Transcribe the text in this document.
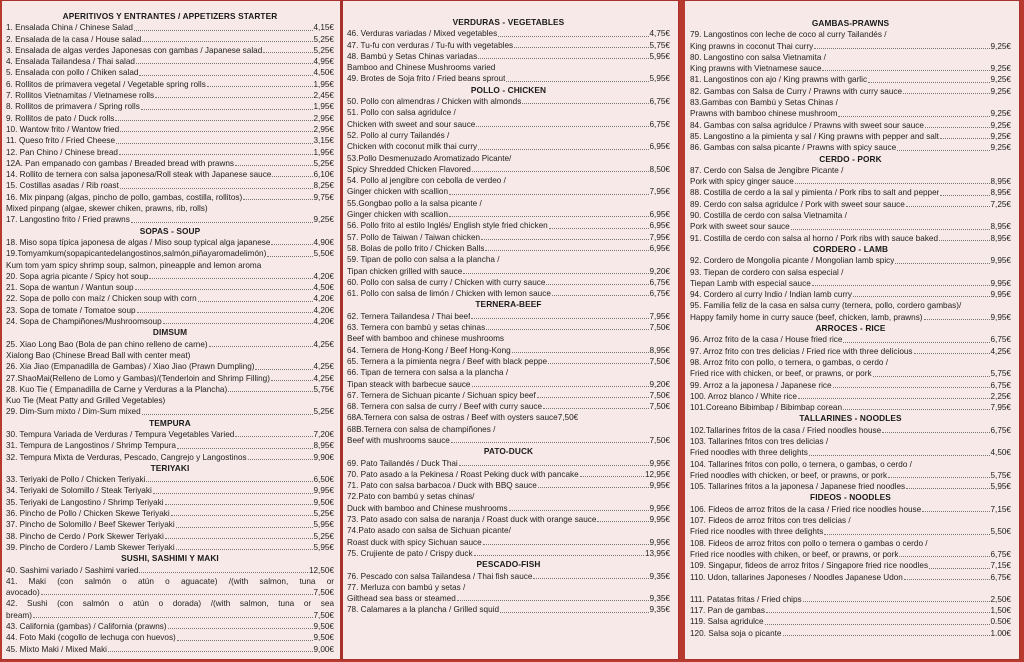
APERITIVOS Y ENTRANTES / APPETIZERS STARTER
1. Ensalada China / Chinese Salad	4,15€
2. Ensalada de la casa / House salad	5,25€
3. Ensalada de algas verdes Japonesas con gambas / Japanese salad	5,25€
4. Ensalada Tailandesa / Thai salad	4,95€
5. Ensalada con pollo / Chiken salad	4,50€
6. Rollitos de primavera vegetal / Vegetable spring rolls	1,95€
7. Rollitos Vietnamitas / Vietnamese rolls	2,45€
8. Rollitos de primavera / Spring rolls	1,95€
9. Rollitos de pato / Duck rolls	2,95€
10. Wantow frito / Wantow fried	2,95€
11. Queso frito / Fried Cheese	3,15€
12. Pan Chino / Chinese bread	1,95€
12A. Pan empanado con gambas / Breaded bread with prawns	5,25€
14. Rollito de ternera con salsa japonesa/Roll steak with Japanese sauce	6,10€
15. Costillas asadas / Rib roast	8,25€
16. Mix pinpang (algas, pincho de pollo, gambas, costilla, rollitos)	9,75€
Mixed pinpang (algae, skewer chiken, prawns, rib, rolls)
17. Langostino frito / Fried prawns	9,25€
SOPAS - SOUP
18. Miso sopa típica japonesa de algas / Miso soup typical alga japanese	4,90€
19.Tomyamkum(sopapicantedelangostinos,salmón,piñayaromadelimón)	5,50€
Kum tom yam spicy shrimp soup, salmon, pineapple and lemon aroma
20. Sopa agria picante / Spicy hot soup	4,20€
21. Sopa de wantun / Wantun soup	4,50€
22. Sopa de pollo con maíz / Chicken soup with corn	4,20€
23. Sopa de tomate / Tomatoe soup	4,20€
24. Sopa de Champiñones/Mushroomsoup	4,20€
DIMSUM
25. Xiao Long Bao (Bola de pan chino relleno de carne)	4,25€
Xialong Bao (Chinese Bread Ball with center meat)
26. Xia Jiao (Empanadilla de Gambas) / Xiao Jiao (Prawn Dumpling)	4,25€
27.ShaoMai(Relleno de Lomo y Gambas)/(Tenderloin and Shrimp Filling)	4,25€
28. Kuo Tie ( Empanadilla de Carne y Verduras a la Plancha)	5,75€
Kuo Tie (Meat Patty and Grilled Vegetables)
29. Dim-Sum mixto / Dim-Sum mixed	5,25€
TEMPURA
30. Tempura Variada de Verduras / Tempura Vegetables Varied	7,20€
31. Tempura de Langostinos / Shrimp Tempura	8,95€
32. Tempura Mixta de Verduras, Pescado, Cangrejo y Langostinos	9,90€
TERIYAKI
33. Teriyaki de Pollo / Chicken Teriyaki	6,50€
34. Teriyaki de Solomillo / Steak Teriyaki	9,95€
35. Teriyaki de Langostino / Shrimp Teriyaki	9,50€
36. Pincho de Pollo / Chicken Skewe Teriyaki	5,25€
37. Pincho de Solomillo / Beef Skewer Teriyaki	5,95€
38. Pincho de Cerdo / Pork Skewer Teriyaki	5,25€
39. Pincho de Cordero / Lamb Skewer Teriyaki	5,95€
SUSHI, SASHIMI Y MAKI
40. Sashimi variado / Sashimi varied	12,50€
41. Maki (con salmón o atún o aguacate) /(with salmon, tuna or
avocado)	7,50€
42. Sushi (con salmón o atún o dorada) /(with salmon, tuna or sea
bream)	7,50€
43. California (gambas) / California (prawns)	9,50€
44. Foto Maki (cogollo de lechuga con huevos)	9,50€
45. Mixto Maki / Mixed Maki	9,00€
VERDURAS - VEGETABLES
46. Verduras variadas / Mixed vegetables	4,75€
47. Tu-fu con verduras / Tu-fu with vegetables	5,75€
48. Bambú y Setas Chinas variadas	5,95€
Bamboo and Chinese Mushrooms varied
49. Brotes de Soja frito / Fried beans sprout	5,95€
POLLO - CHICKEN
50. Pollo con almendras / Chicken with almonds	6,75€
51. Pollo con salsa agridulce /
Chicken with sweet and sour sauce	6,75€
52. Pollo al curry Tailandés /
Chicken with coconut milk thai curry	6,95€
53.Pollo Desmenuzado Aromatizado Picante/
Spicy Shredded Chicken Flavored	8,50€
54. Pollo al jengibre con cebolla de verdeo /
Ginger chicken with scallion	7,95€
55.Gongbao pollo a la salsa picante /
Ginger chicken with scallion	6,95€
56. Pollo frito al estilo Inglés/ English style fried chicken	6,95€
57. Pollo de Taiwan / Taiwan chicken	7,95€
58. Bolas de pollo frito / Chicken Balls	6,95€
59. Tipan de pollo con salsa a la plancha /
Tipan chicken grilled with sauce	9,20€
60. Pollo con salsa de curry / Chicken with curry sauce	6,75€
61. Pollo con salsa de limón / Chicken with lemon sauce	6,75€
TERNERA-BEEF
62. Ternera Tailandesa / Thai beef	7,95€
63. Ternera con bambú y setas chinas	7,50€
Beef with bamboo and chinese mushrooms
64. Ternera de Hong-Kong / Beef Hong-Kong	8,95€
65. Ternera a la pimienta negra / Beef with black peppe	7,50€
66. Tipan de ternera con salsa a la plancha /
Tipan steack with barbecue sauce	9,20€
67. Ternera de Sichuan picante / Sichuan spicy beef	7,50€
68. Ternera con salsa de curry / Beef with curry sauce	7,50€
68A.Ternera con salsa de ostras / Beef with oysters sauce7,50€
68B.Ternera con salsa de champiñones /
Beef with mushrooms sauce	7,50€
PATO-DUCK
69. Pato Tailandés / Duck Thai	9,95€
70. Pato asado a la Pekinesa / Roast Peking duck with pancake	12,95€
71. Pato con salsa barbacoa / Duck with BBQ sauce	9,95€
72.Pato con bambú y setas chinas/
Duck with bamboo and Chinese mushrooms	9,95€
73. Pato asado con salsa de naranja / Roast duck with orange sauce	9,95€
74.Pato asado con salsa de Sichuan picante/
Roast duck with spicy Sichuan sauce	9,95€
75. Crujiente de pato / Crispy duck	13,95€
PESCADO-FISH
76. Pescado con salsa Tailandesa / Thai fish sauce	9,35€
77. Merluza con bambú y setas /
Gilthead sea bass or steamed	9,35€
78. Calamares a la plancha / Grilled squid	9,35€
GAMBAS-PRAWNS
79. Langostinos con leche de coco al curry Tailandés /
King prawns in coconut Thai curry	9,25€
80. Langostino con salsa Vietnamita /
King prawns with Vietnamese sauce	9,25€
81. Langostinos con ajo / King prawns with garlic	9,25€
82. Gambas con Salsa de Curry / Prawns with curry sauce	9,25€
83.Gambas con Bambú y Setas Chinas /
Prawns with bamboo chinese mushroom	9,25€
84. Gambas con salsa agridulce / Prawns with sweet sour sauce	9,25€
85. Langostino a la pimienta y sal / King prawns with pepper and salt	9,25€
86. Gambas con salsa picante / Prawns with spicy sauce	9,25€
CERDO - PORK
87. Cerdo con Salsa de Jengibre Picante /
Pork with spicy ginger sauce	8,95€
88. Costilla de cerdo a la sal y pimienta / Pork ribs to salt and pepper	8,95€
89. Cerdo con salsa agridulce / Pork with sweet sour sauce	7,25€
90. Costilla de cerdo con salsa Vietnamita /
Pork with sweet sour sauce	8,95€
91. Costilla de cerdo con salsa al horno / Pork ribs with sauce baked	8,95€
CORDERO - LAMB
92. Cordero de Mongolia picante / Mongolian lamb spicy	9,95€
93. Tiepan de cordero con salsa especial /
Tiepan Lamb with especial sauce	9,95€
94. Cordero al curry Indio / Indian lamb curry	9,95€
95. Familia feliz de la casa en salsa curry (ternera, pollo, cordero gambas)/
Happy family home in curry sauce (beef, chicken, lamb, prawns)	9,95€
ARROCES - RICE
96. Arroz frito de la casa / House fried rice	6,75€
97. Arroz frito con tres delicias / Fried rice with three delicious	4,25€
98. Arroz frito con pollo, o ternera, o gambas, o cerdo /
Fried rice with chicken, or beef, or prawns, or pork	5,75€
99. Arroz a la japonesa / Japanese rice	6,75€
100. Arroz blanco / White rice	2,25€
101.Coreano Bibimbap / Bibimbap corean	7,95€
TALLARINES - NOODLES
102.Tallarines fritos de la casa / Fried noodles house	6,75€
103. Tallarines fritos con tres delicias /
Fried noodles with three delights	4,50€
104. Tallarines fritos con pollo, o ternera, o gambas, o cerdo /
Fried noodles with chicken, or beef, or prawns, or pork	5,75€
105. Tallarines fritos a la japonesa / Japanese fried noodles	5,95€
FIDEOS - NOODLES
106. Fideos de arroz fritos de la casa / Fried rice noodles house	7,15€
107. Fideos de arroz fritos con tres delicias /
Fried rice noodles with three delights	5,50€
108. Fideos de arroz fritos con pollo o ternera o gambas o cerdo /
Fried rice noodles with chiken, or beef, or prawns, or pork	6,75€
109. Singapur, fideos de arroz fritos / Singapore fried rice noodles	7,15€
110. Udon, tallarines Japoneses / Noodles Japanese Udon	6,75€
111. Patatas fritas / Fried chips	2,50€
117. Pan de gambas	1,50€
119. Salsa agridulce	0.50€
120. Salsa soja o picante	1.00€
